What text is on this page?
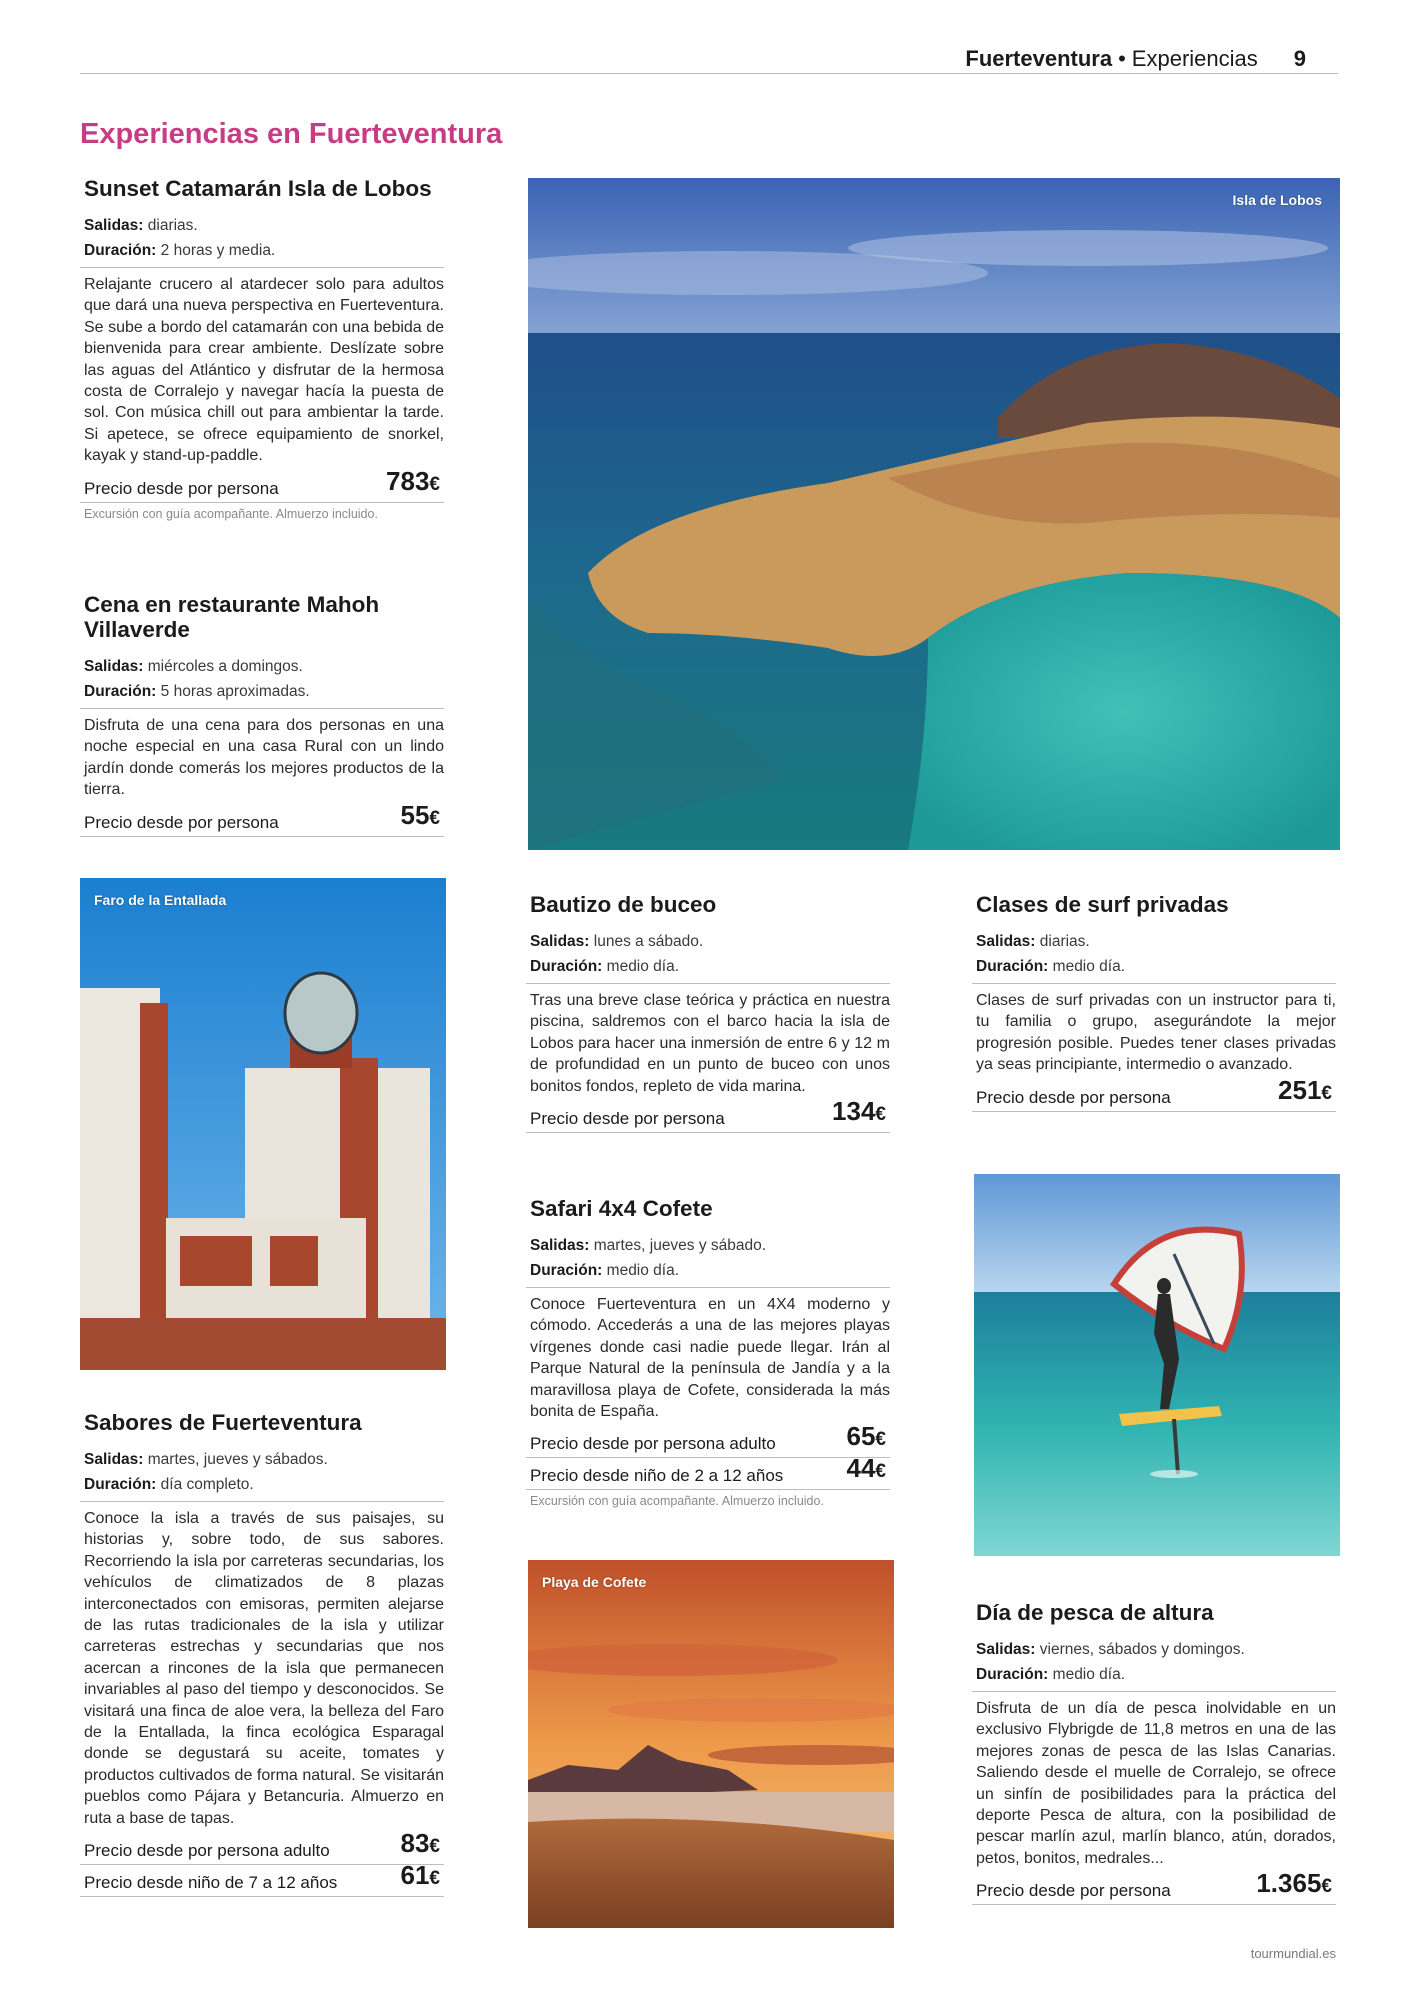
Fuerteventura • Experiencias 9
Experiencias en Fuerteventura
Sunset Catamarán Isla de Lobos
Salidas: diarias.
Duración: 2 horas y media.
Relajante crucero al atardecer solo para adultos que dará una nueva perspectiva en Fuerteventura. Se sube a bordo del catamarán con una bebida de bienvenida para crear ambiente. Deslízate sobre las aguas del Atlántico y disfrutar de la hermosa costa de Corralejo y navegar hacía la puesta de sol. Con música chill out para ambientar la tarde. Si apetece, se ofrece equipamiento de snorkel, kayak y stand-up-paddle.
Precio desde por persona	783€
Excursión con guía acompañante. Almuerzo incluido.
Cena en restaurante Mahoh Villaverde
Salidas: miércoles a domingos.
Duración: 5 horas aproximadas.
Disfruta de una cena para dos personas en una noche especial en una casa Rural con un lindo jardín donde comerás los mejores productos de la tierra.
Precio desde por persona	55€
Isla de Lobos
Faro de la Entallada
Sabores de Fuerteventura
Salidas: martes, jueves y sábados.
Duración: día completo.
Conoce la isla a través de sus paisajes, su historias y, sobre todo, de sus sabores. Recorriendo la isla por carreteras secundarias, los vehículos de climatizados de 8 plazas interconectados con emisoras, permiten alejarse de las rutas tradicionales de la isla y utilizar carreteras estrechas y secundarias que nos acercan a rincones de la isla que permanecen invariables al paso del tiempo y desconocidos. Se visitará una finca de aloe vera, la belleza del Faro de la Entallada, la finca ecológica Esparagal donde se degustará su aceite, tomates y productos cultivados de forma natural. Se visitarán pueblos como Pájara y Betancuria. Almuerzo en ruta a base de tapas.
Precio desde por persona adulto	83€
Precio desde niño de 7 a 12 años 61€
Bautizo de buceo
Salidas: lunes a sábado.
Duración: medio día.
Tras una breve clase teórica y práctica en nuestra piscina, saldremos con el barco hacia la isla de Lobos para hacer una inmersión de entre 6 y 12 m de profundidad en un punto de buceo con unos bonitos fondos, repleto de vida marina.
Precio desde por persona	134€
Safari 4x4 Cofete
Salidas: martes, jueves y sábado.
Duración: medio día.
Conoce Fuerteventura en un 4X4 moderno y cómodo. Accederás a una de las mejores playas vírgenes donde casi nadie puede llegar. Irán al Parque Natural de la península de Jandía y a la maravillosa playa de Cofete, considerada la más bonita de España.
Precio desde por persona adulto	65€
Precio desde niño de 2 a 12 años 44€
Excursión con guía acompañante. Almuerzo incluido.
Playa de Cofete
Clases de surf privadas
Salidas: diarias.
Duración: medio día.
Clases de surf privadas con un instructor para ti, tu familia o grupo, asegurándote la mejor progresión posible. Puedes tener clases privadas ya seas principiante, intermedio o avanzado.
Precio desde por persona	251€
Día de pesca de altura
Salidas: viernes, sábados y domingos.
Duración: medio día.
Disfruta de un día de pesca inolvidable en un exclusivo Flybrigde de 11,8 metros en una de las mejores zonas de pesca de las Islas Canarias. Saliendo desde el muelle de Corralejo, se ofrece un sinfín de posibilidades para la práctica del deporte Pesca de altura, con la posibilidad de pescar marlín azul, marlín blanco, atún, dorados, petos, bonitos, medrales...
Precio desde por persona	1.365€
tourmundial.es
